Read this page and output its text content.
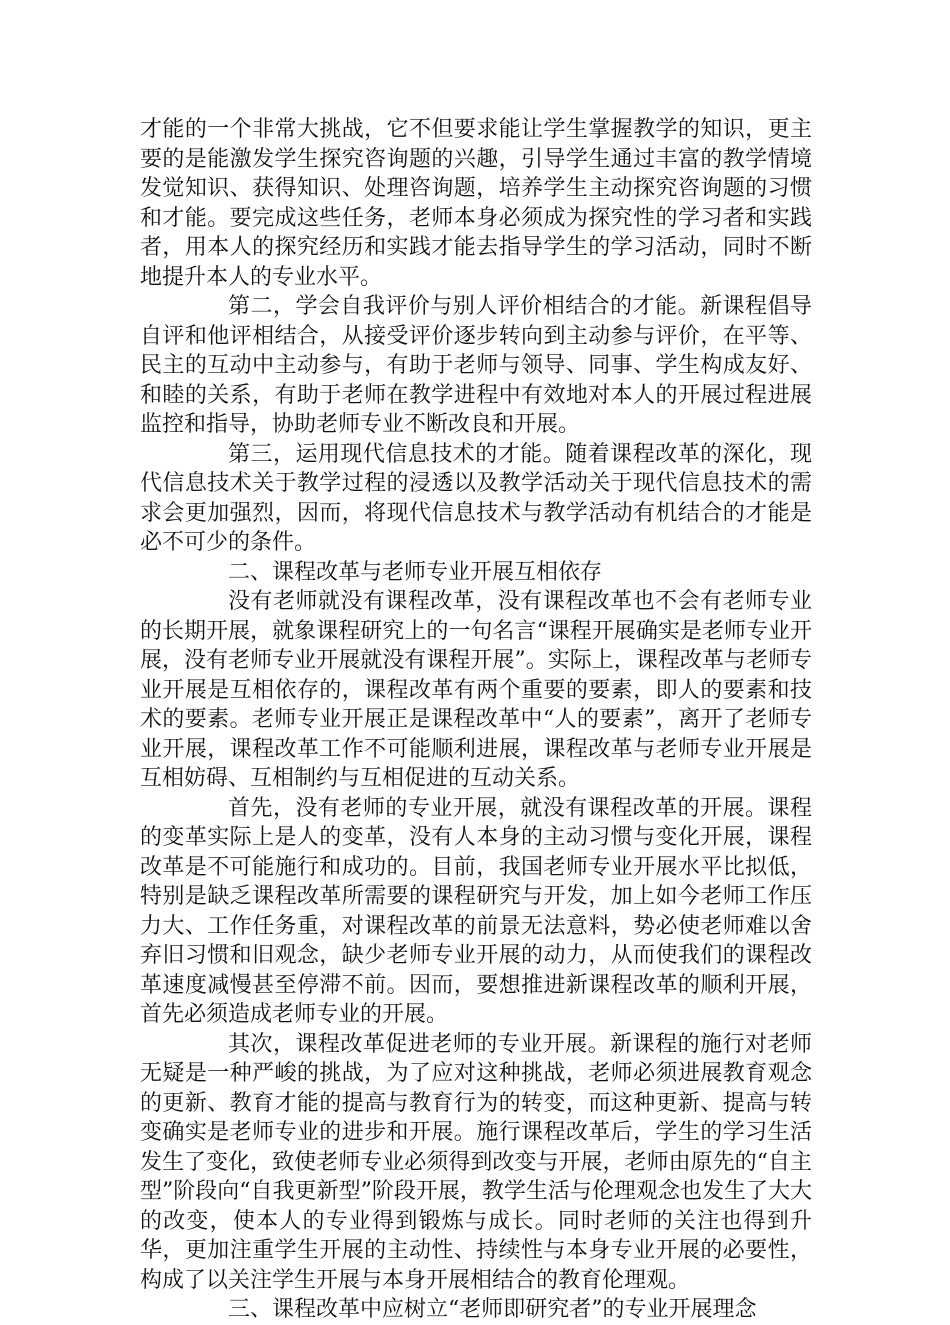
才能的一个非常大挑战，它不但要求能让学生掌握教学的知识，更主要的是能激发学生探究咨询题的兴趣，引导学生通过丰富的教学情境发觉知识、获得知识、处理咨询题，培养学生主动探究咨询题的习惯和才能。要完成这些任务，老师本身必须成为探究性的学习者和实践者，用本人的探究经历和实践才能去指导学生的学习活动，同时不断地提升本人的专业水平。

第二，学会自我评价与别人评价相结合的才能。新课程倡导自评和他评相结合，从接受评价逐步转向到主动参与评价，在平等、民主的互动中主动参与，有助于老师与领导、同事、学生构成友好、和睦的关系，有助于老师在教学进程中有效地对本人的开展过程进展监控和指导，协助老师专业不断改良和开展。

第三，运用现代信息技术的才能。随着课程改革的深化，现代信息技术关于教学过程的浸透以及教学活动关于现代信息技术的需求会更加强烈，因而，将现代信息技术与教学活动有机结合的才能是必不可少的条件。

二、课程改革与老师专业开展互相依存

没有老师就没有课程改革，没有课程改革也不会有老师专业的长期开展，就象课程研究上的一句名言“课程开展确实是老师专业开展，没有老师专业开展就没有课程开展”。实际上，课程改革与老师专业开展是互相依存的，课程改革有两个重要的要素，即人的要素和技术的要素。老师专业开展正是课程改革中“人的要素”，离开了老师专业开展，课程改革工作不可能顺利进展，课程改革与老师专业开展是互相妨碍、互相制约与互相促进的互动关系。

首先，没有老师的专业开展，就没有课程改革的开展。课程的变革实际上是人的变革，没有人本身的主动习惯与变化开展，课程改革是不可能施行和成功的。目前，我国老师专业开展水平比拟低，特别是缺乏课程改革所需要的课程研究与开发，加上如今老师工作压力大、工作任务重，对课程改革的前景无法意料，势必使老师难以舍弃旧习惯和旧观念，缺少老师专业开展的动力，从而使我们的课程改革速度减慢甚至停滞不前。因而，要想推进新课程改革的顺利开展，首先必须造成老师专业的开展。

其次，课程改革促进老师的专业开展。新课程的施行对老师无疑是一种严峻的挑战，为了应对这种挑战，老师必须进展教育观念的更新、教育才能的提高与教育行为的转变，而这种更新、提高与转变确实是老师专业的进步和开展。施行课程改革后，学生的学习生活发生了变化，致使老师专业必须得到改变与开展，老师由原先的“自主型”阶段向“自我更新型”阶段开展，教学生活与伦理观念也发生了大大的改变，使本人的专业得到锻炼与成长。同时老师的关注也得到升华，更加注重学生开展的主动性、持续性与本身专业开展的必要性，构成了以关注学生开展与本身开展相结合的教育伦理观。

三、课程改革中应树立“老师即研究者”的专业开展理念
